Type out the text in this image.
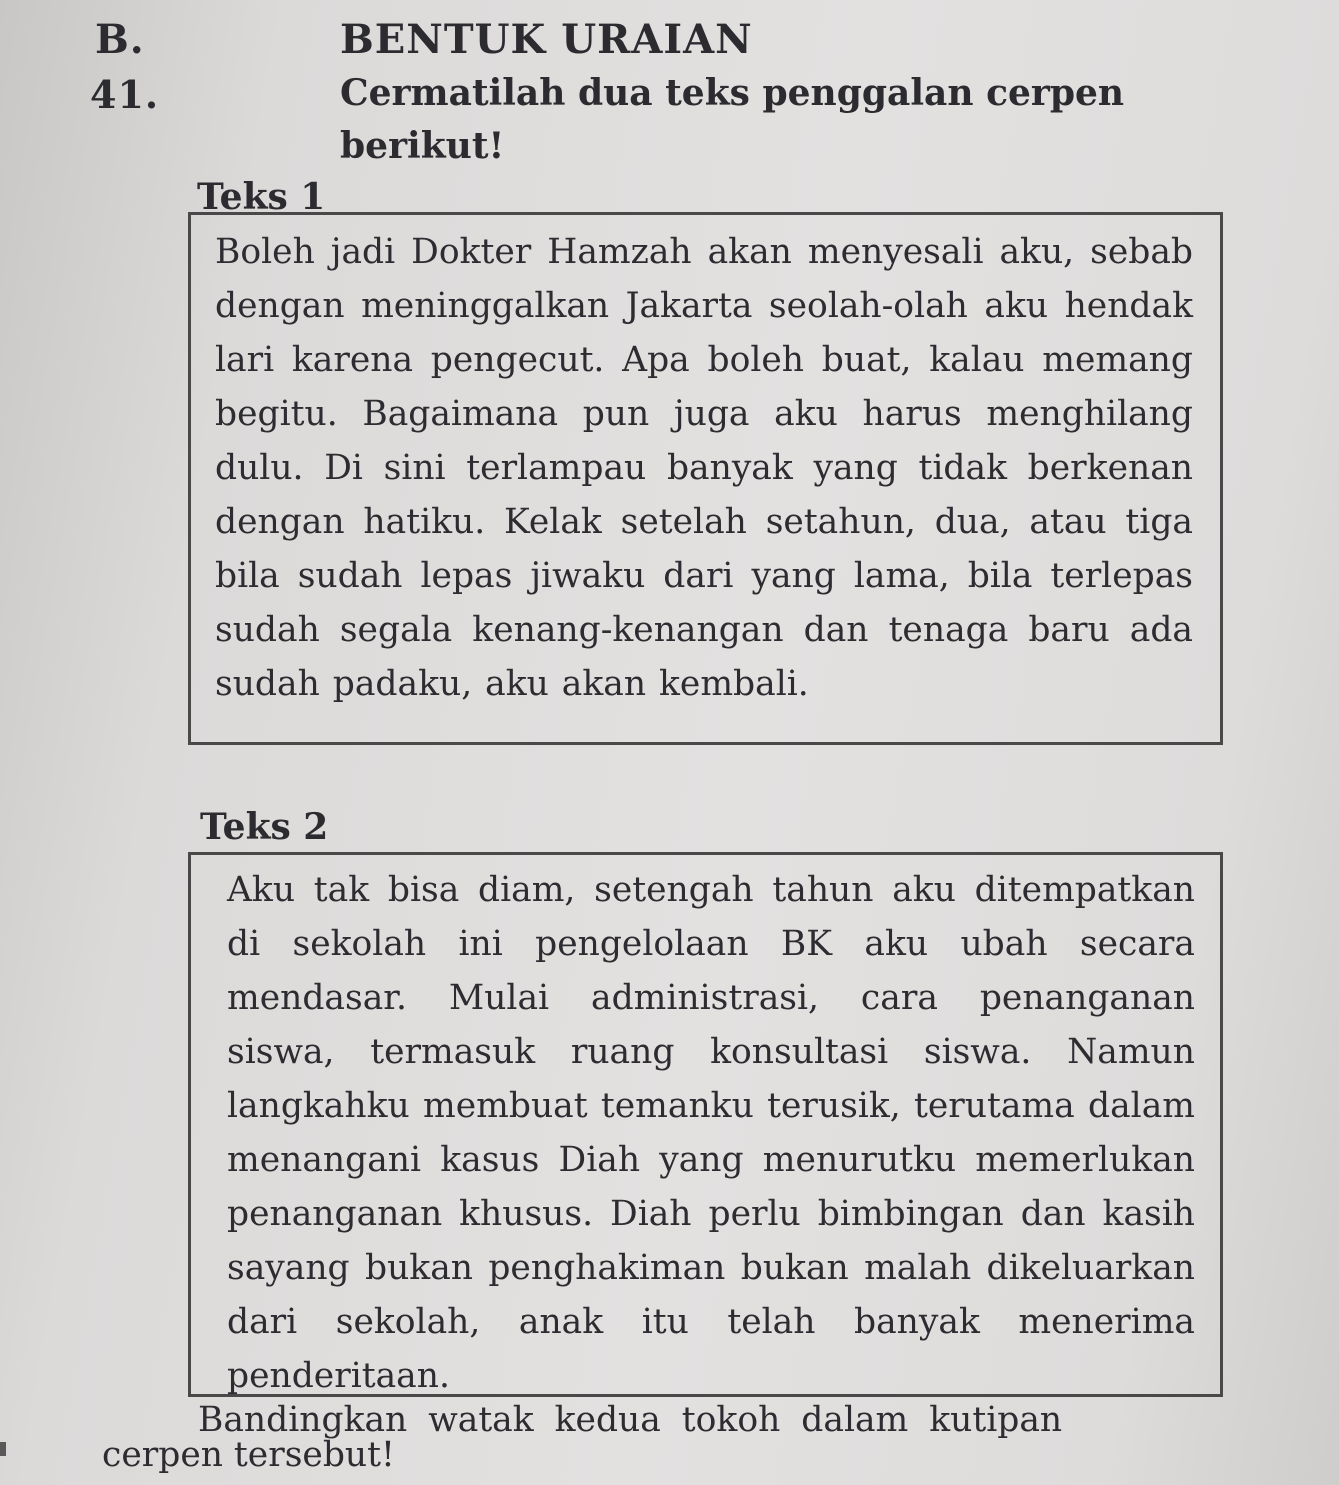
B.	BENTUK URAIAN
41.	Cermatilah dua teks penggalan cerpen
berikut!
Teks 1
Boleh jadi Dokter Hamzah akan menyesali aku, sebab dengan meninggalkan Jakarta seolah-olah aku hendak lari karena pengecut. Apa boleh buat, kalau memang begitu. Bagaimana pun juga aku harus menghilang dulu. Di sini terlampau banyak yang tidak berkenan dengan hatiku. Kelak setelah setahun, dua, atau tiga bila sudah lepas jiwaku dari yang lama, bila terlepas sudah segala kenang-kenangan dan tenaga baru ada sudah padaku, aku akan kembali.
Teks 2
Aku tak bisa diam, setengah tahun aku ditempatkan di sekolah ini pengelolaan BK aku ubah secara mendasar. Mulai administrasi, cara penanganan siswa, termasuk ruang konsultasi siswa. Namun langkahku membuat temanku terusik, terutama dalam menangani kasus Diah yang menurutku memerlukan penanganan khusus. Diah perlu bimbingan dan kasih sayang bukan penghakiman bukan malah dikeluarkan dari sekolah, anak itu telah banyak menerima penderitaan.
Bandingkan watak kedua tokoh dalam kutipan
cerpen tersebut!
